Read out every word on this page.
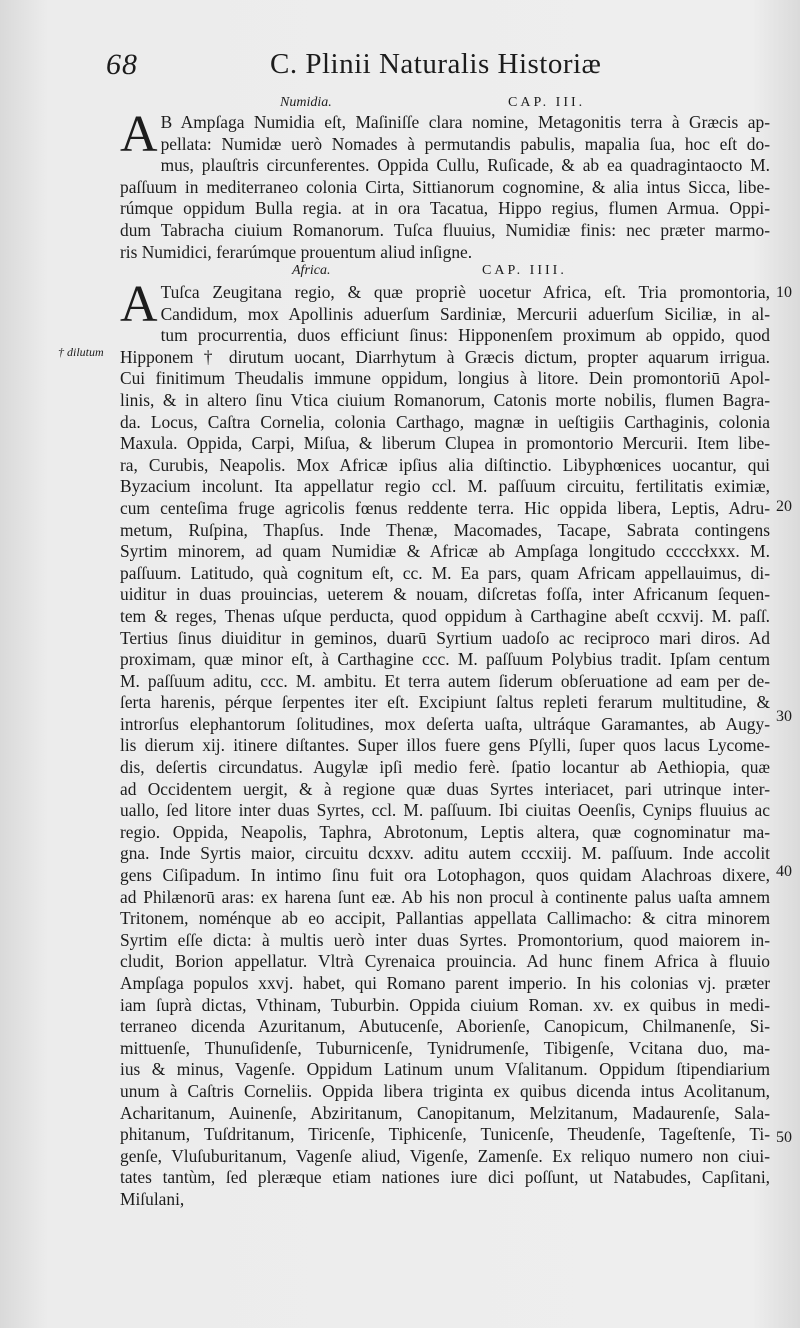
68	C. Plinii Naturalis Historiæ
Numidia.	CAP. III.
A B Ampſaga Numidia eſt, Maſiniſſe clara nomine, Metagonitis terra à Græcis ap-
pellata: Numidæ uerò Nomades à permutandis pabulis, mapalia ſua, hoc eſt do-
mus, plauſtris circunferentes. Oppida Cullu, Ruſicade, & ab ea quadragintaocto M.
paſſuum in mediterraneo colonia Cirta, Sittianorum cognomine, & alia intus Sicca, libe-
rúmque oppidum Bulla regia. at in ora Tacatua, Hippo regius, flumen Armua. Oppi-
dum Tabracha ciuium Romanorum. Tuſca fluuius, Numidiæ finis: nec præter marmo-
ris Numidici, ferarúmque prouentum aliud inſigne.
Africa.	CAP. IIII.
A Tuſca Zeugitana regio, & quæ propriè uocetur Africa, eſt. Tria promontoria,
Candidum, mox Apollinis aduerſum Sardiniæ, Mercurii aduerſum Siciliæ, in al-
tum procurrentia, duos efficiunt ſinus: Hipponenſem proximum ab oppido, quod
Hipponem † dirutum uocant, Diarrhytum à Græcis dictum, propter aquarum irrigua.
Cui finitimum Theudalis immune oppidum, longius à litore. Dein promontoriū Apol-
linis, & in altero ſinu Vtica ciuium Romanorum, Catonis morte nobilis, flumen Bagra-
da. Locus, Caſtra Cornelia, colonia Carthago, magnæ in ueſtigiis Carthaginis, colonia
Maxula. Oppida, Carpi, Miſua, & liberum Clupea in promontorio Mercurii. Item libe-
ra, Curubis, Neapolis. Mox Africæ ipſius alia diſtinctio. Libyphœnices uocantur, qui
Byzacium incolunt. Ita appellatur regio ccl. M. paſſuum circuitu, fertilitatis eximiæ,
cum centeſima fruge agricolis fœnus reddente terra. Hic oppida libera, Leptis, Adru-
metum, Ruſpina, Thapſus. Inde Thenæ, Macomades, Tacape, Sabrata contingens
Syrtim minorem, ad quam Numidiæ & Africæ ab Ampſaga longitudo cccccłxxx. M.
paſſuum. Latitudo, quà cognitum eſt, cc. M. Ea pars, quam Africam appellauimus, di-
uiditur in duas prouincias, ueterem & nouam, diſcretas foſſa, inter Africanum ſequen-
tem & reges, Thenas uſque perducta, quod oppidum à Carthagine abeſt ccxvij. M. paſſ.
Tertius ſinus diuiditur in geminos, duarū Syrtium uadoſo ac reciproco mari diros. Ad
proximam, quæ minor eſt, à Carthagine ccc. M. paſſuum Polybius tradit. Ipſam centum
M. paſſuum aditu, ccc. M. ambitu. Et terra autem ſiderum obſeruatione ad eam per de-
ſerta harenis, pérque ſerpentes iter eſt. Excipiunt ſaltus repleti ferarum multitudine, &
introrſus elephantorum ſolitudines, mox deſerta uaſta, ultráque Garamantes, ab Augy-
lis dierum xij. itinere diſtantes. Super illos fuere gens Pſylli, ſuper quos lacus Lycome-
dis, deſertis circundatus. Augylæ ipſi medio ferè. ſpatio locantur ab Aethiopia, quæ
ad Occidentem uergit, & à regione quæ duas Syrtes interiacet, pari utrinque inter-
uallo, ſed litore inter duas Syrtes, ccl. M. paſſuum. Ibi ciuitas Oeenſis, Cynips fluuius ac
regio. Oppida, Neapolis, Taphra, Abrotonum, Leptis altera, quæ cognominatur ma-
gna. Inde Syrtis maior, circuitu dcxxv. aditu autem cccxiij. M. paſſuum. Inde accolit
gens Ciſipadum. In intimo ſinu fuit ora Lotophagon, quos quidam Alachroas dixere,
ad Philænorū aras: ex harena ſunt eæ. Ab his non procul à continente palus uaſta amnem
Tritonem, noménque ab eo accipit, Pallantias appellata Callimacho: & citra minorem
Syrtim eſſe dicta: à multis uerò inter duas Syrtes. Promontorium, quod maiorem in-
cludit, Borion appellatur. Vltrà Cyrenaica prouincia. Ad hunc finem Africa à fluuio
Ampſaga populos xxvj. habet, qui Romano parent imperio. In his colonias vj. præter
iam ſuprà dictas, Vthinam, Tuburbin. Oppida ciuium Roman. xv. ex quibus in medi-
terraneo dicenda Azuritanum, Abutucenſe, Aborienſe, Canopicum, Chilmanenſe, Si-
mittuenſe, Thunuſidenſe, Tuburnicenſe, Tynidrumenſe, Tibigenſe, Vcitana duo, ma-
ius & minus, Vagenſe. Oppidum Latinum unum Vſalitanum. Oppidum ſtipendiarium
unum à Caſtris Corneliis. Oppida libera triginta ex quibus dicenda intus Acolitanum,
Acharitanum, Auinenſe, Abziritanum, Canopitanum, Melzitanum, Madaurenſe, Sala-
phitanum, Tuſdritanum, Tiricenſe, Tiphicenſe, Tunicenſe, Theudenſe, Tageſtenſe, Ti-
genſe, Vluſuburitanum, Vagenſe aliud, Vigenſe, Zamenſe. Ex reliquo numero non ciui-
tates tantùm, ſed pleræque etiam nationes iure dici poſſunt, ut Natabudes, Capſitani,
Miſulani,
† dilutum
10
20
30
40
50
